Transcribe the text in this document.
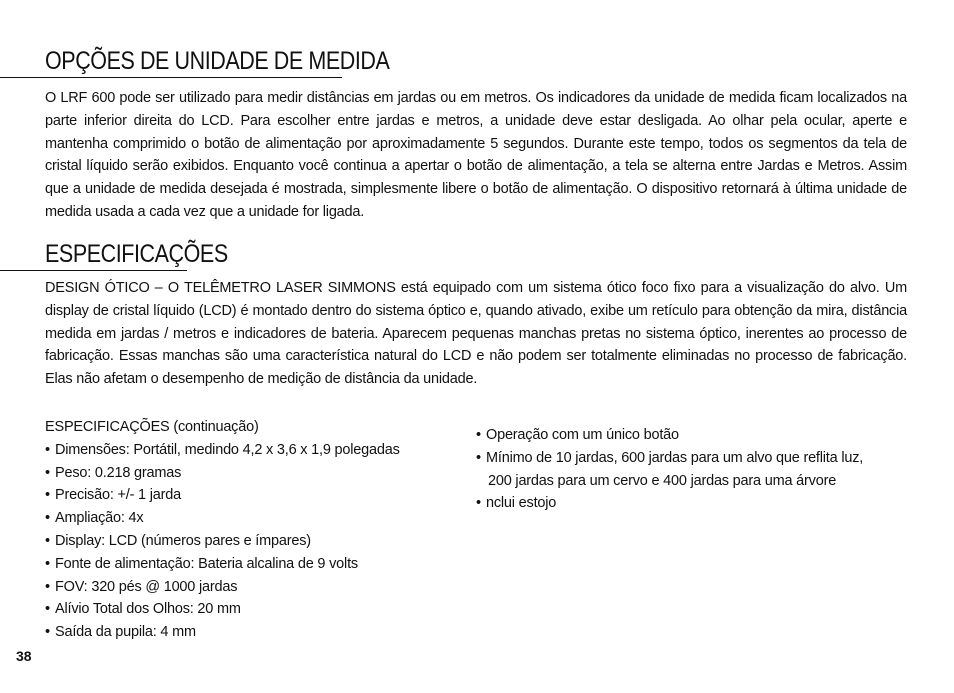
OPÇÕES DE UNIDADE DE MEDIDA

O LRF 600 pode ser utilizado para medir distâncias em jardas ou em metros. Os indicadores da unidade de medida ficam localizados na parte inferior direita do LCD. Para escolher entre jardas e metros, a unidade deve estar desligada. Ao olhar pela ocular, aperte e mantenha comprimido o botão de alimentação por aproximadamente 5 segundos. Durante este tempo, todos os segmentos da tela de cristal líquido serão exibidos. Enquanto você continua a apertar o botão de alimentação, a tela se alterna entre Jardas e Metros. Assim que a unidade de medida desejada é mostrada, simplesmente libere o botão de alimentação. O dispositivo retornará à última unidade de medida usada a cada vez que a unidade for ligada.

ESPECIFICAÇÕES

DESIGN ÓTICO – O TELÊMETRO LASER SIMMONS está equipado com um sistema ótico foco fixo para a visualização do alvo. Um display de cristal líquido (LCD) é montado dentro do sistema óptico e, quando ativado, exibe um retículo para obtenção da mira, distância medida em jardas / metros e indicadores de bateria. Aparecem pequenas manchas pretas no sistema óptico, inerentes ao processo de fabricação. Essas manchas são uma característica natural do LCD e não podem ser totalmente eliminadas no processo de fabricação. Elas não afetam o desempenho de medição de distância da unidade.

ESPECIFICAÇÕES (continuação)
• Dimensões: Portátil, medindo 4,2 x 3,6 x 1,9 polegadas
• Peso: 0.218 gramas
• Precisão: +/- 1 jarda
• Ampliação: 4x
• Display: LCD (números pares e ímpares)
• Fonte de alimentação: Bateria alcalina de 9 volts
• FOV: 320 pés @ 1000 jardas
• Alívio Total dos Olhos: 20 mm
• Saída da pupila: 4 mm
• Operação com um único botão
• Mínimo de 10 jardas, 600 jardas para um alvo que reflita luz,
200 jardas para um cervo e 400 jardas para uma árvore
• nclui estojo
38
